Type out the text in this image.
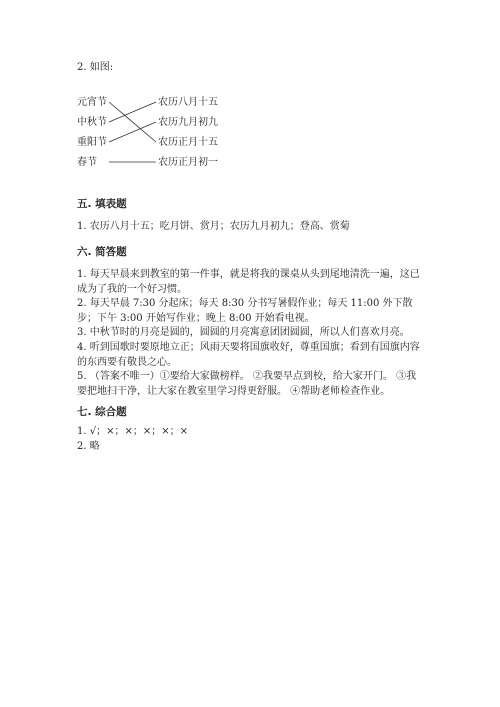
2. 如图:
元宵节
中秋节
重阳节
春节
农历八月十五
农历九月初九
农历正月十五
农历正月初一
五. 填表题
1. 农历八月十五；吃月饼、赏月；农历九月初九；登高、赏菊
六. 简答题
1. 每天早晨来到教室的第一件事，就是将我的课桌从头到尾地清洗一遍，这已成为了我的一个好习惯。
2. 每天早晨 7:30 分起床；每天 8:30 分书写暑假作业；每天 11:00 外下散步；下午 3:00 开始写作业；晚上 8:00 开始看电视。
3. 中秋节时的月亮是圆的，圆圆的月亮寓意团团圆圆，所以人们喜欢月亮。
4. 听到国歌时要原地立正；风雨天要将国旗收好，尊重国旗；看到有国旗内容的东西要有敬畏之心。
5. （答案不唯一）①要给大家做榜样。 ②我要早点到校，给大家开门。 ③我要把地扫干净，让大家在教室里学习得更舒服。 ④帮助老师检查作业。
七. 综合题
1. √；×；×；×；×；×
2. 略
